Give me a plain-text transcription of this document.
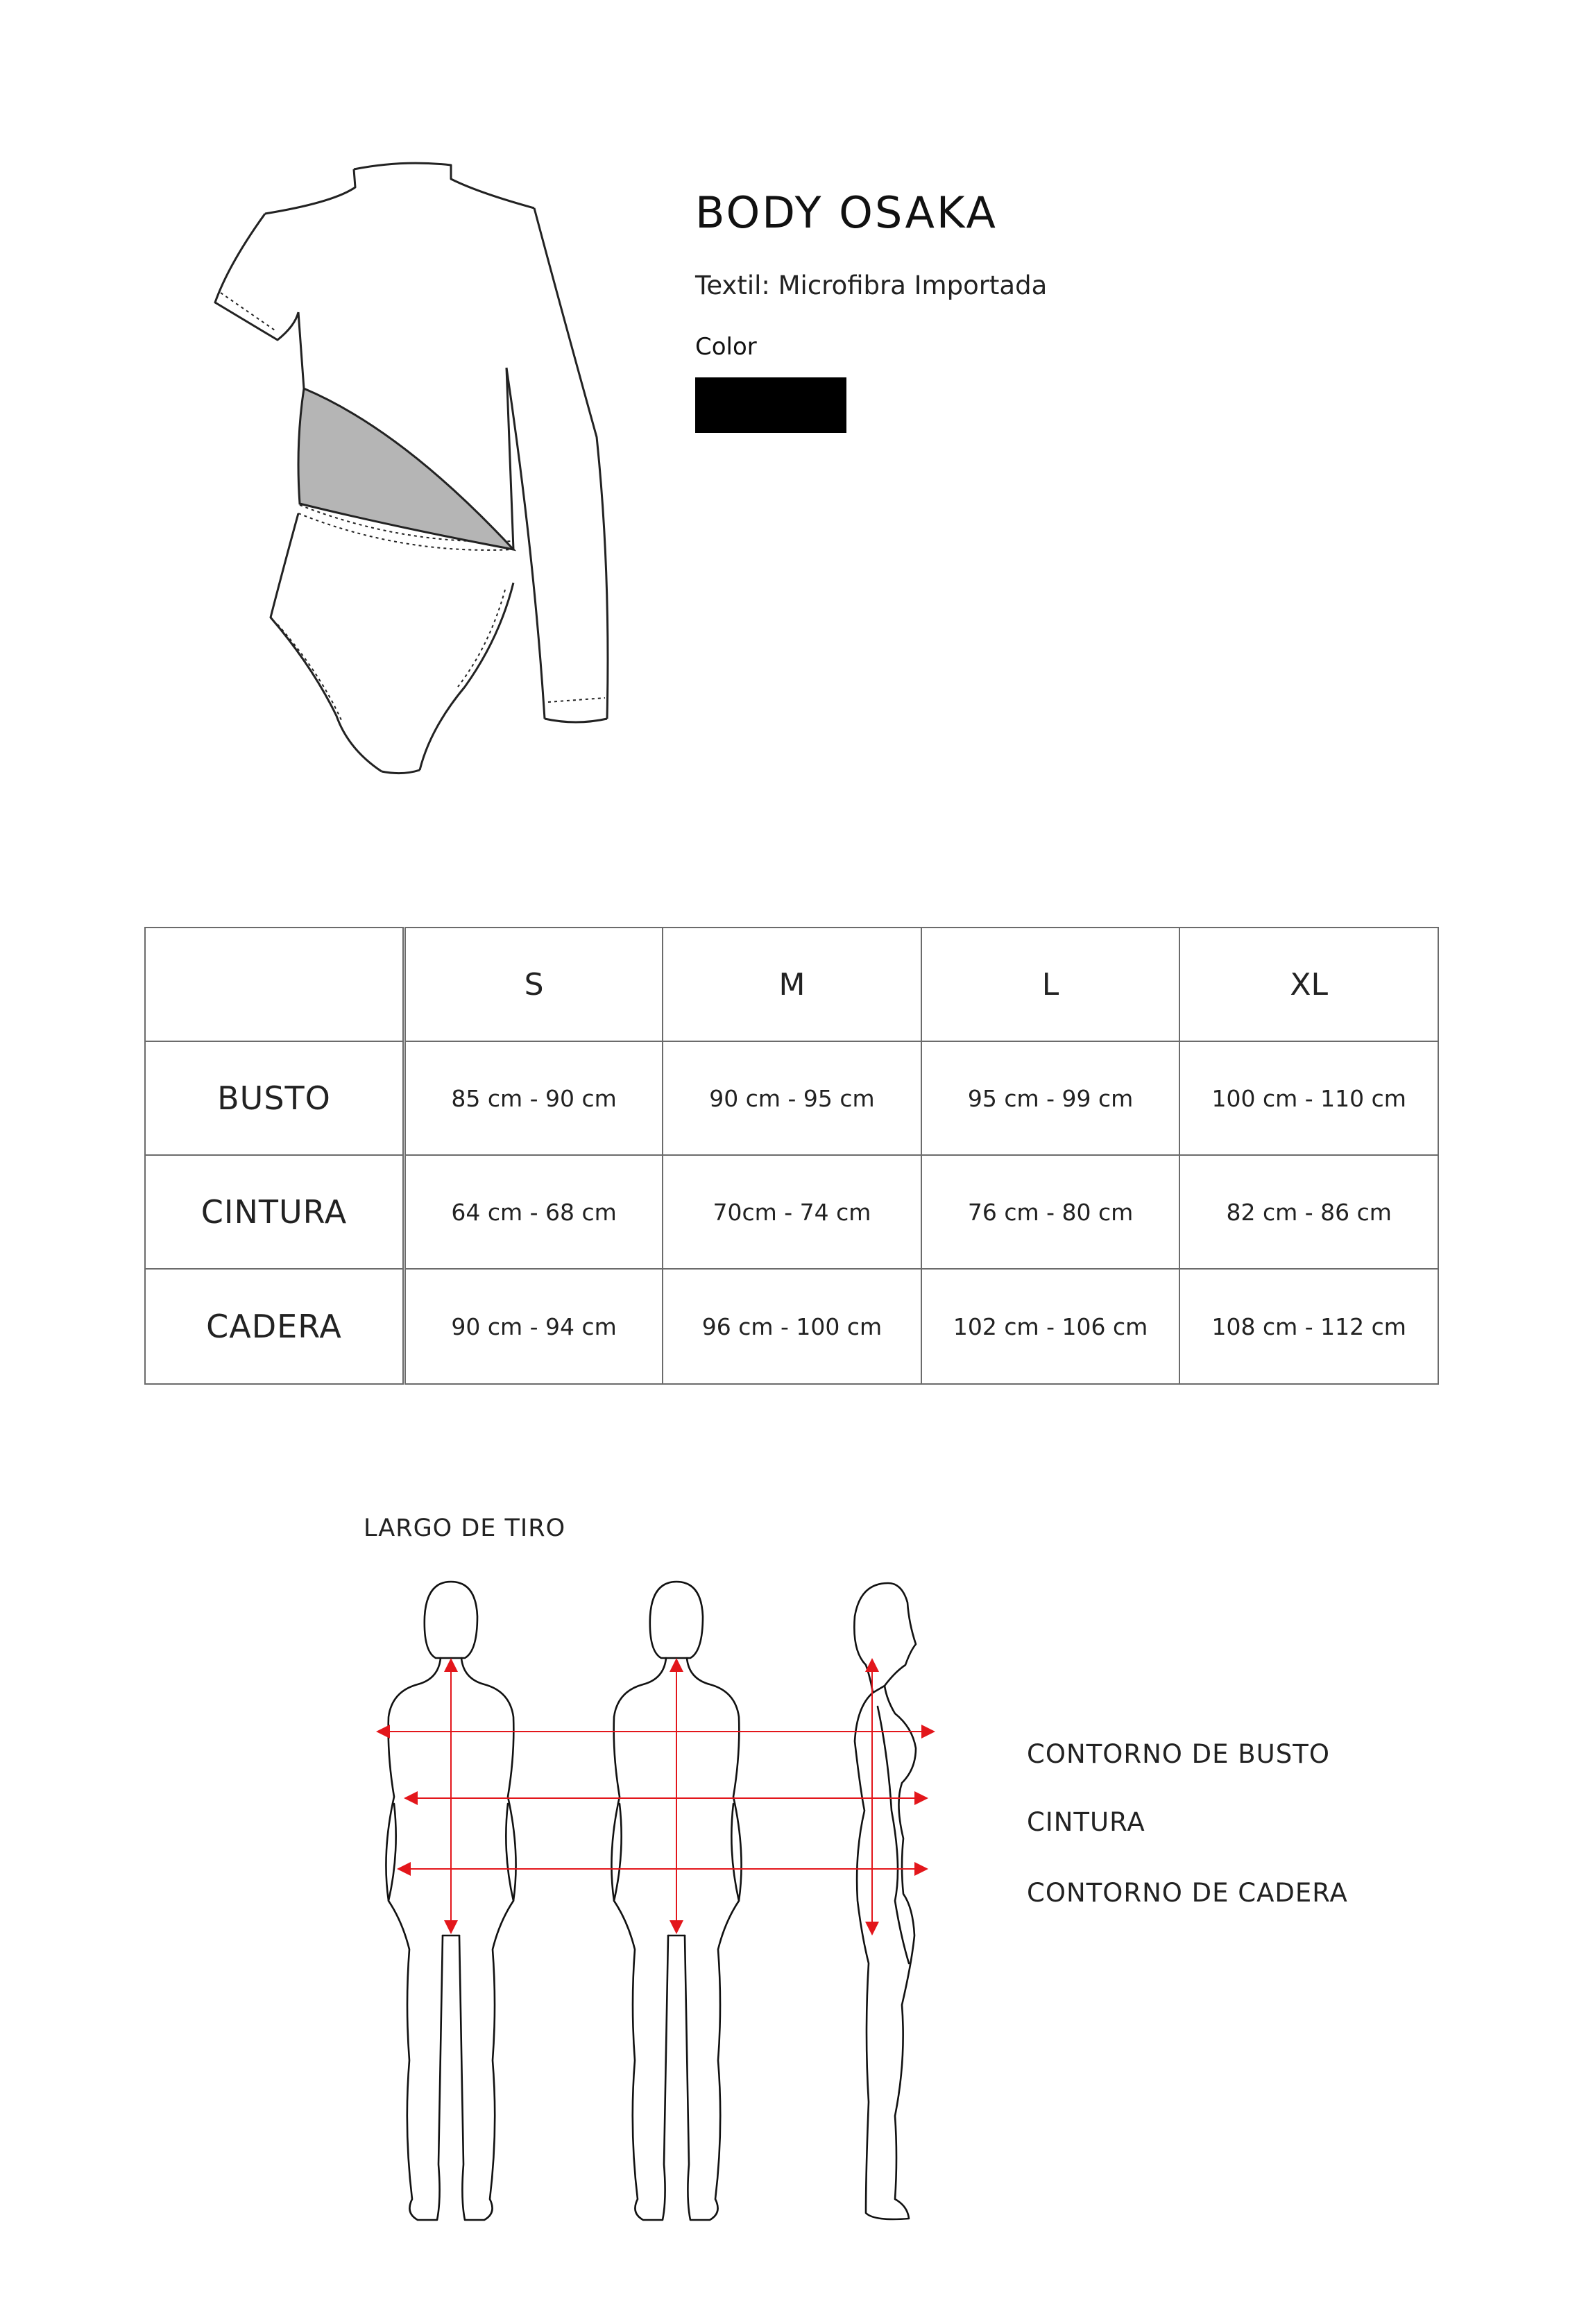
BODY OSAKA
Textil: Microfibra Importada
Color
	S	M	L	XL
BUSTO	85 cm - 90 cm	90 cm - 95 cm	95 cm - 99 cm	100 cm - 110 cm
CINTURA	64 cm - 68 cm	70cm - 74 cm	76 cm - 80 cm	82 cm - 86 cm
CADERA	90 cm - 94 cm	96 cm - 100 cm	102 cm - 106 cm	108 cm - 112 cm
LARGO DE TIRO
CONTORNO DE BUSTO
CINTURA
CONTORNO DE CADERA
